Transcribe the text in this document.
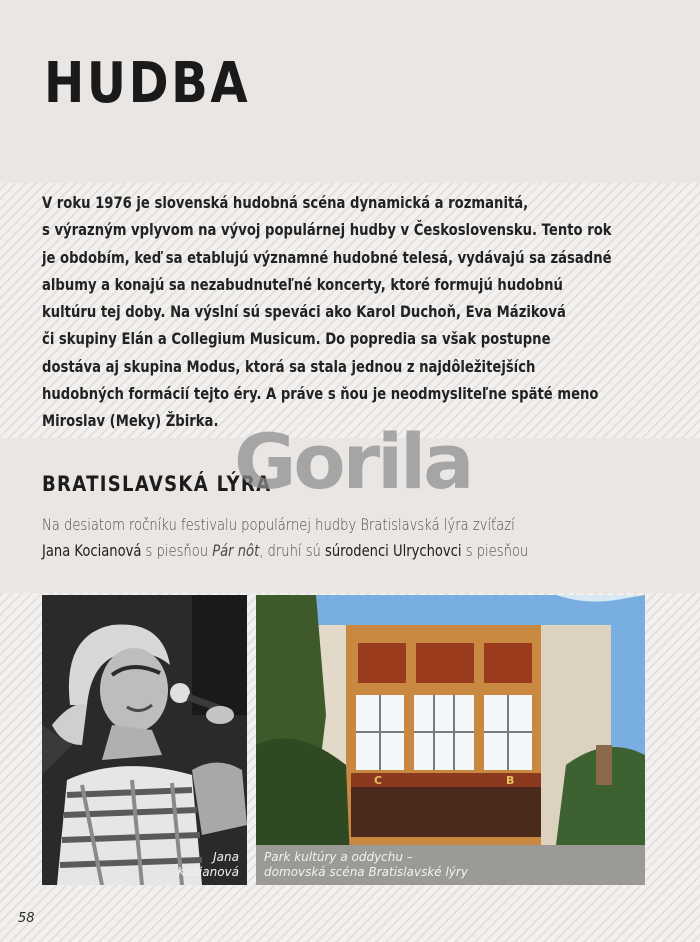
HUDBA
V roku 1976 je slovenská hudobná scéna dynamická a rozmanitá,
s výrazným vplyvom na vývoj populárnej hudby v Československu. Tento rok
je obdobím, keď sa etablujú významné hudobné telesá, vydávajú sa zásadné
albumy a konajú sa nezabudnuteľné koncerty, ktoré formujú hudobnú
kultúru tej doby. Na výslní sú speváci ako Karol Duchoň, Eva Máziková
či skupiny Elán a Collegium Musicum. Do popredia sa však postupne
dostáva aj skupina Modus, ktorá sa stala jednou z najdôležitejších
hudobných formácií tejto éry. A práve s ňou je neodmysliteľne späté meno
Miroslav (Meky) Žbirka.
BRATISLAVSKÁ LÝRA
Na desiatom ročníku festivalu populárnej hudby Bratislavská lýra zvíťazí
Jana Kocianová s piesňou Pár nôt, druhí sú súrodenci Ulrychovci s piesňou
Gorila
Jana
Kocianová
C	B
Park kultúry a oddychu –
domovská scéna Bratislavské lýry
58
